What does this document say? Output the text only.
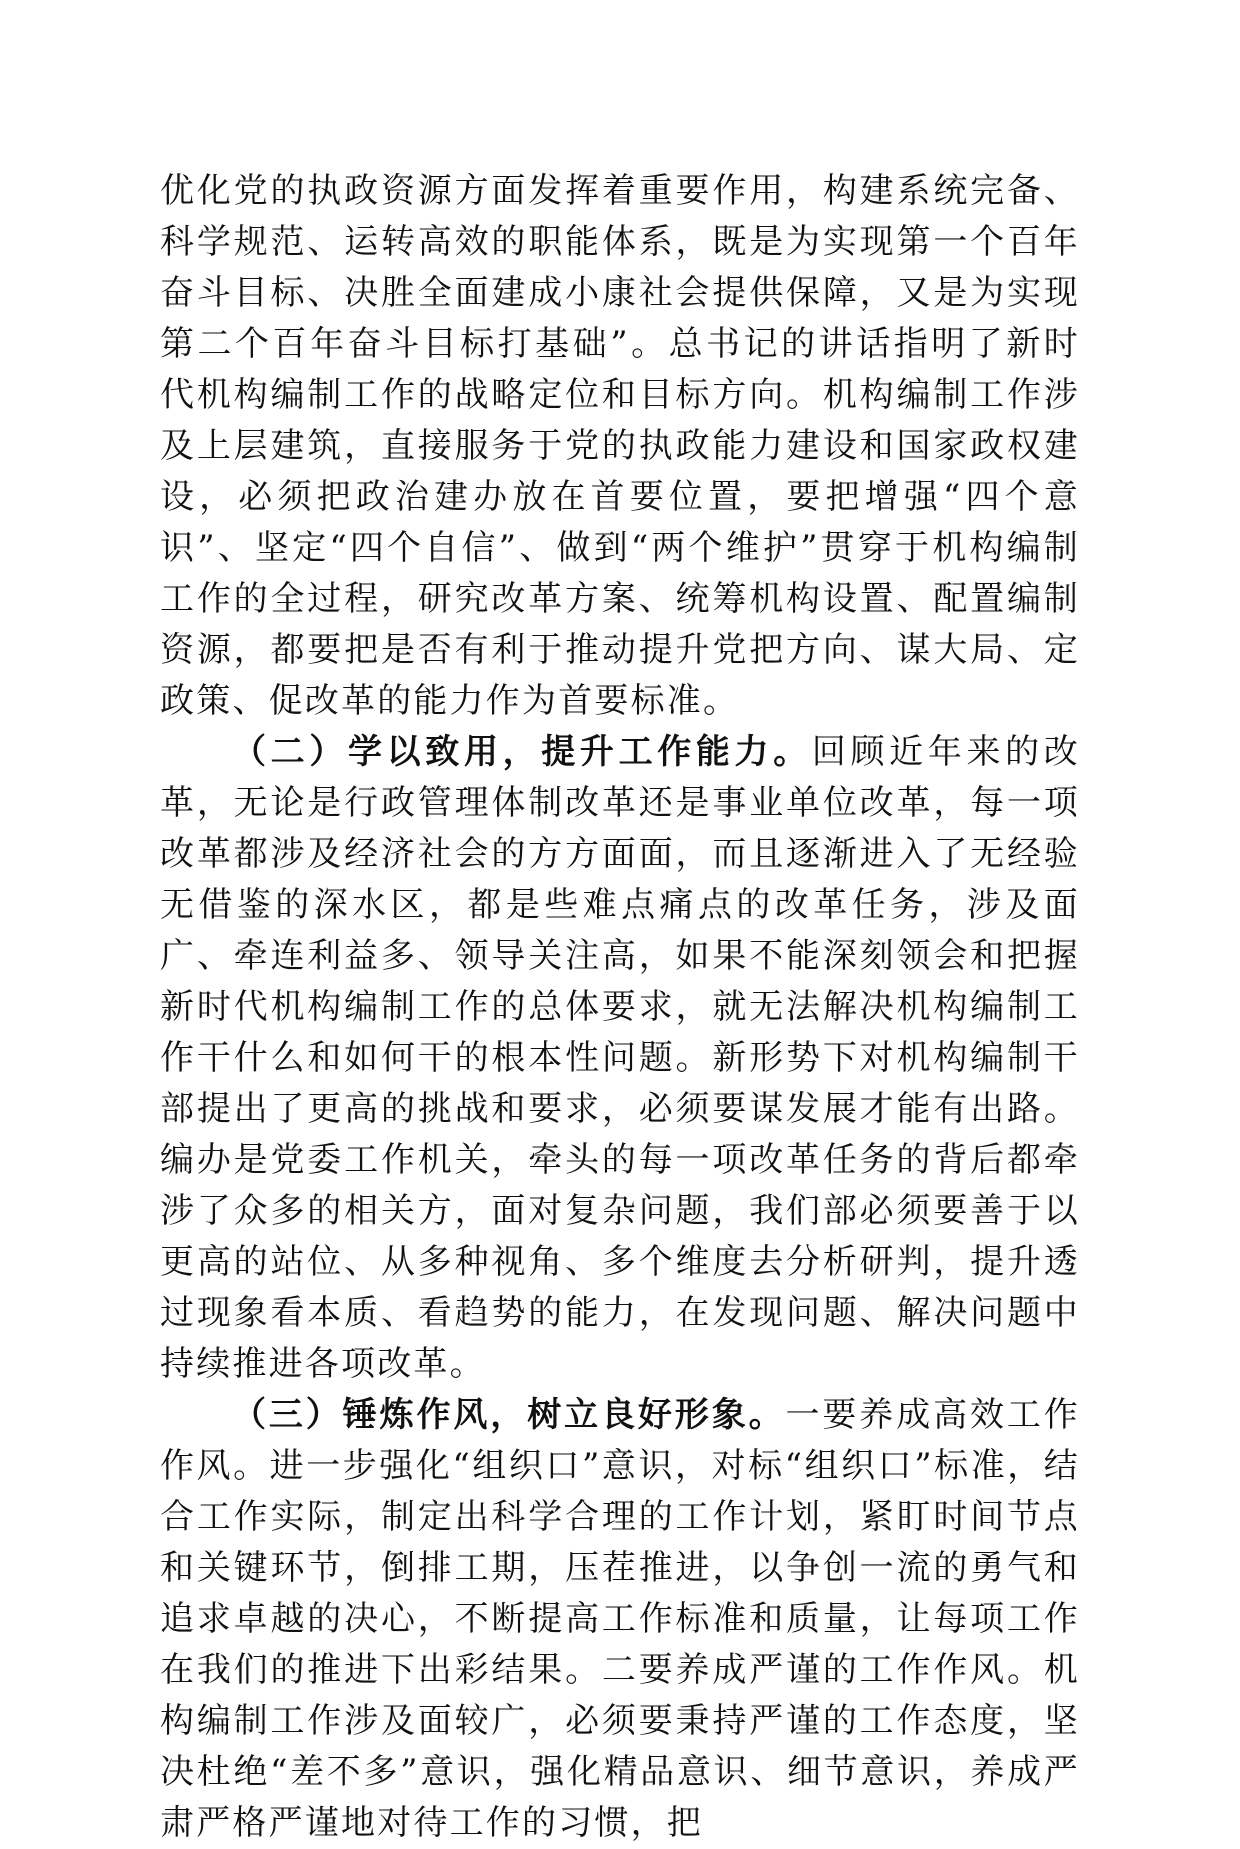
优化党的执政资源方面发挥着重要作用，构建系统完备、科学规范、运转高效的职能体系，既是为实现第一个百年奋斗目标、决胜全面建成小康社会提供保障，又是为实现第二个百年奋斗目标打基础”。总书记的讲话指明了新时代机构编制工作的战略定位和目标方向。机构编制工作涉及上层建筑，直接服务于党的执政能力建设和国家政权建设，必须把政治建办放在首要位置，要把增强“四个意识”、坚定“四个自信”、做到“两个维护”贯穿于机构编制工作的全过程，研究改革方案、统筹机构设置、配置编制资源，都要把是否有利于推动提升党把方向、谋大局、定政策、促改革的能力作为首要标准。

（二）学以致用，提升工作能力。回顾近年来的改革，无论是行政管理体制改革还是事业单位改革，每一项改革都涉及经济社会的方方面面，而且逐渐进入了无经验无借鉴的深水区，都是些难点痛点的改革任务，涉及面广、牵连利益多、领导关注高，如果不能深刻领会和把握新时代机构编制工作的总体要求，就无法解决机构编制工作干什么和如何干的根本性问题。新形势下对机构编制干部提出了更高的挑战和要求，必须要谋发展才能有出路。编办是党委工作机关，牵头的每一项改革任务的背后都牵涉了众多的相关方，面对复杂问题，我们部必须要善于以更高的站位、从多种视角、多个维度去分析研判，提升透过现象看本质、看趋势的能力，在发现问题、解决问题中持续推进各项改革。

（三）锤炼作风，树立良好形象。一要养成高效工作作风。进一步强化“组织口”意识，对标“组织口”标准，结合工作实际，制定出科学合理的工作计划，紧盯时间节点和关键环节，倒排工期，压茬推进，以争创一流的勇气和追求卓越的决心，不断提高工作标准和质量，让每项工作在我们的推进下出彩结果。二要养成严谨的工作作风。机构编制工作涉及面较广，必须要秉持严谨的工作态度，坚决杜绝“差不多”意识，强化精品意识、细节意识，养成严肃严格严谨地对待工作的习惯，把
